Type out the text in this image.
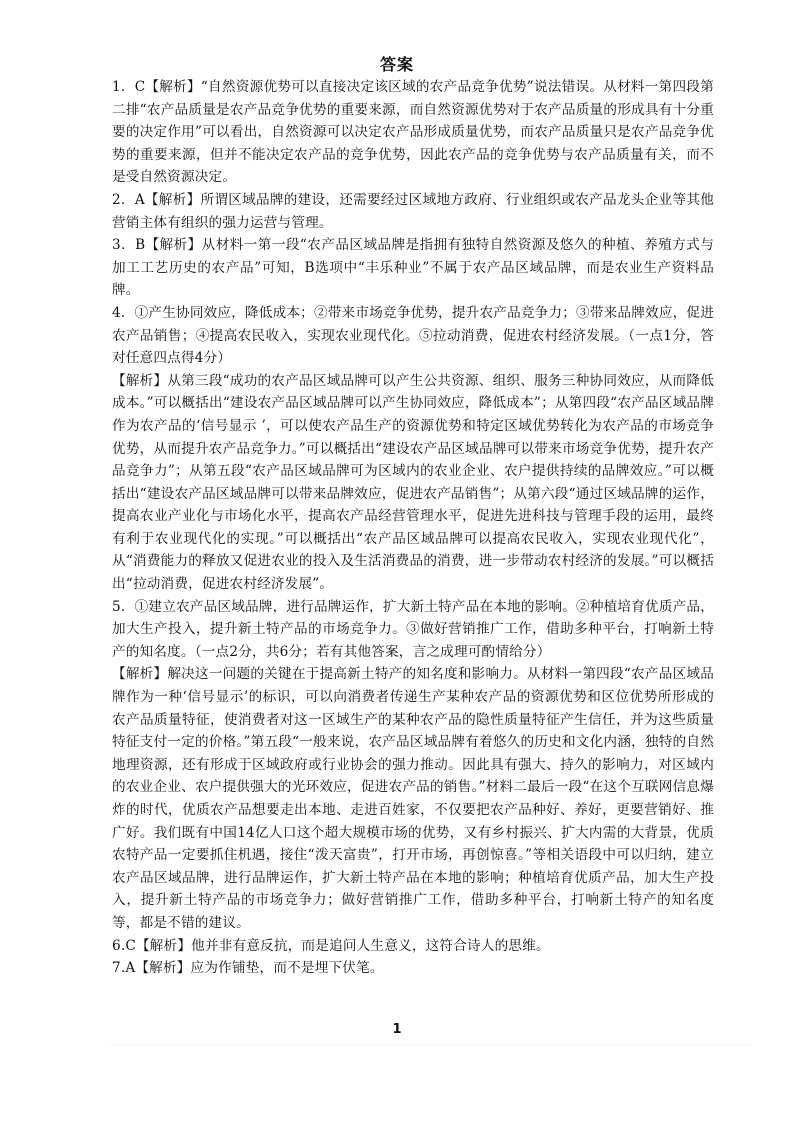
答案

1．C【解析】“自然资源优势可以直接决定该区域的农产品竞争优势”说法错误。从材料一第四段第二排“农产品质量是农产品竞争优势的重要来源，而自然资源优势对于农产品质量的形成具有十分重要的决定作用”可以看出，自然资源可以决定农产品形成质量优势，而农产品质量只是农产品竞争优势的重要来源，但并不能决定农产品的竞争优势，因此农产品的竞争优势与农产品质量有关，而不是受自然资源决定。

2．A【解析】所谓区域品牌的建设，还需要经过区域地方政府、行业组织或农产品龙头企业等其他营销主体有组织的强力运营与管理。

3．B【解析】从材料一第一段“农产品区域品牌是指拥有独特自然资源及悠久的种植、养殖方式与加工工艺历史的农产品”可知，B选项中“丰乐种业”不属于农产品区域品牌，而是农业生产资料品牌。

4．①产生协同效应，降低成本；②带来市场竞争优势，提升农产品竞争力；③带来品牌效应，促进农产品销售；④提高农民收入，实现农业现代化。⑤拉动消费，促进农村经济发展。（一点1分，答对任意四点得4分）

【解析】从第三段“成功的农产品区域品牌可以产生公共资源、组织、服务三种协同效应，从而降低成本。”可以概括出“建设农产品区域品牌可以产生协同效应，降低成本”；从第四段“农产品区域品牌作为农产品的‘信号显示 ’，可以使农产品生产的资源优势和特定区域优势转化为农产品的市场竞争优势，从而提升农产品竞争力。”可以概括出“建设农产品区域品牌可以带来市场竞争优势，提升农产品竞争力”；从第五段“农产品区域品牌可为区域内的农业企业、农户提供持续的品牌效应。”可以概括出“建设农产品区域品牌可以带来品牌效应，促进农产品销售”；从第六段“通过区域品牌的运作，提高农业产业化与市场化水平，提高农产品经营管理水平，促进先进科技与管理手段的运用，最终有利于农业现代化的实现。”可以概括出“农产品区域品牌可以提高农民收入，实现农业现代化”，从“消费能力的释放又促进农业的投入及生活消费品的消费，进一步带动农村经济的发展。”可以概括出“拉动消费，促进农村经济发展”。

5．①建立农产品区域品牌，进行品牌运作，扩大新土特产品在本地的影响。②种植培育优质产品，加大生产投入，提升新土特产品的市场竞争力。③做好营销推广工作，借助多种平台，打响新土特产的知名度。（一点2分，共6分；若有其他答案，言之成理可酌情给分）

【解析】解决这一问题的关键在于提高新土特产的知名度和影响力。从材料一第四段“农产品区域品牌作为一种‘信号显示’的标识，可以向消费者传递生产某种农产品的资源优势和区位优势所形成的农产品质量特征，使消费者对这一区域生产的某种农产品的隐性质量特征产生信任，并为这些质量特征支付一定的价格。”第五段“一般来说，农产品区域品牌有着悠久的历史和文化内涵，独特的自然地理资源，还有形成于区域政府或行业协会的强力推动。因此具有强大、持久的影响力，对区域内的农业企业、农户提供强大的光环效应，促进农产品的销售。”材料二最后一段“在这个互联网信息爆炸的时代，优质农产品想要走出本地、走进百姓家，不仅要把农产品种好、养好，更要营销好、推广好。我们既有中国14亿人口这个超大规模市场的优势，又有乡村振兴、扩大内需的大背景，优质农特产品一定要抓住机遇，接住“泼天富贵”，打开市场，再创惊喜。”等相关语段中可以归纳，建立农产品区域品牌，进行品牌运作，扩大新土特产品在本地的影响；种植培育优质产品，加大生产投入，提升新土特产品的市场竞争力；做好营销推广工作，借助多种平台，打响新土特产的知名度等，都是不错的建议。

6.C【解析】他并非有意反抗，而是追问人生意义，这符合诗人的思维。

7.A【解析】应为作铺垫，而不是埋下伏笔。

1
